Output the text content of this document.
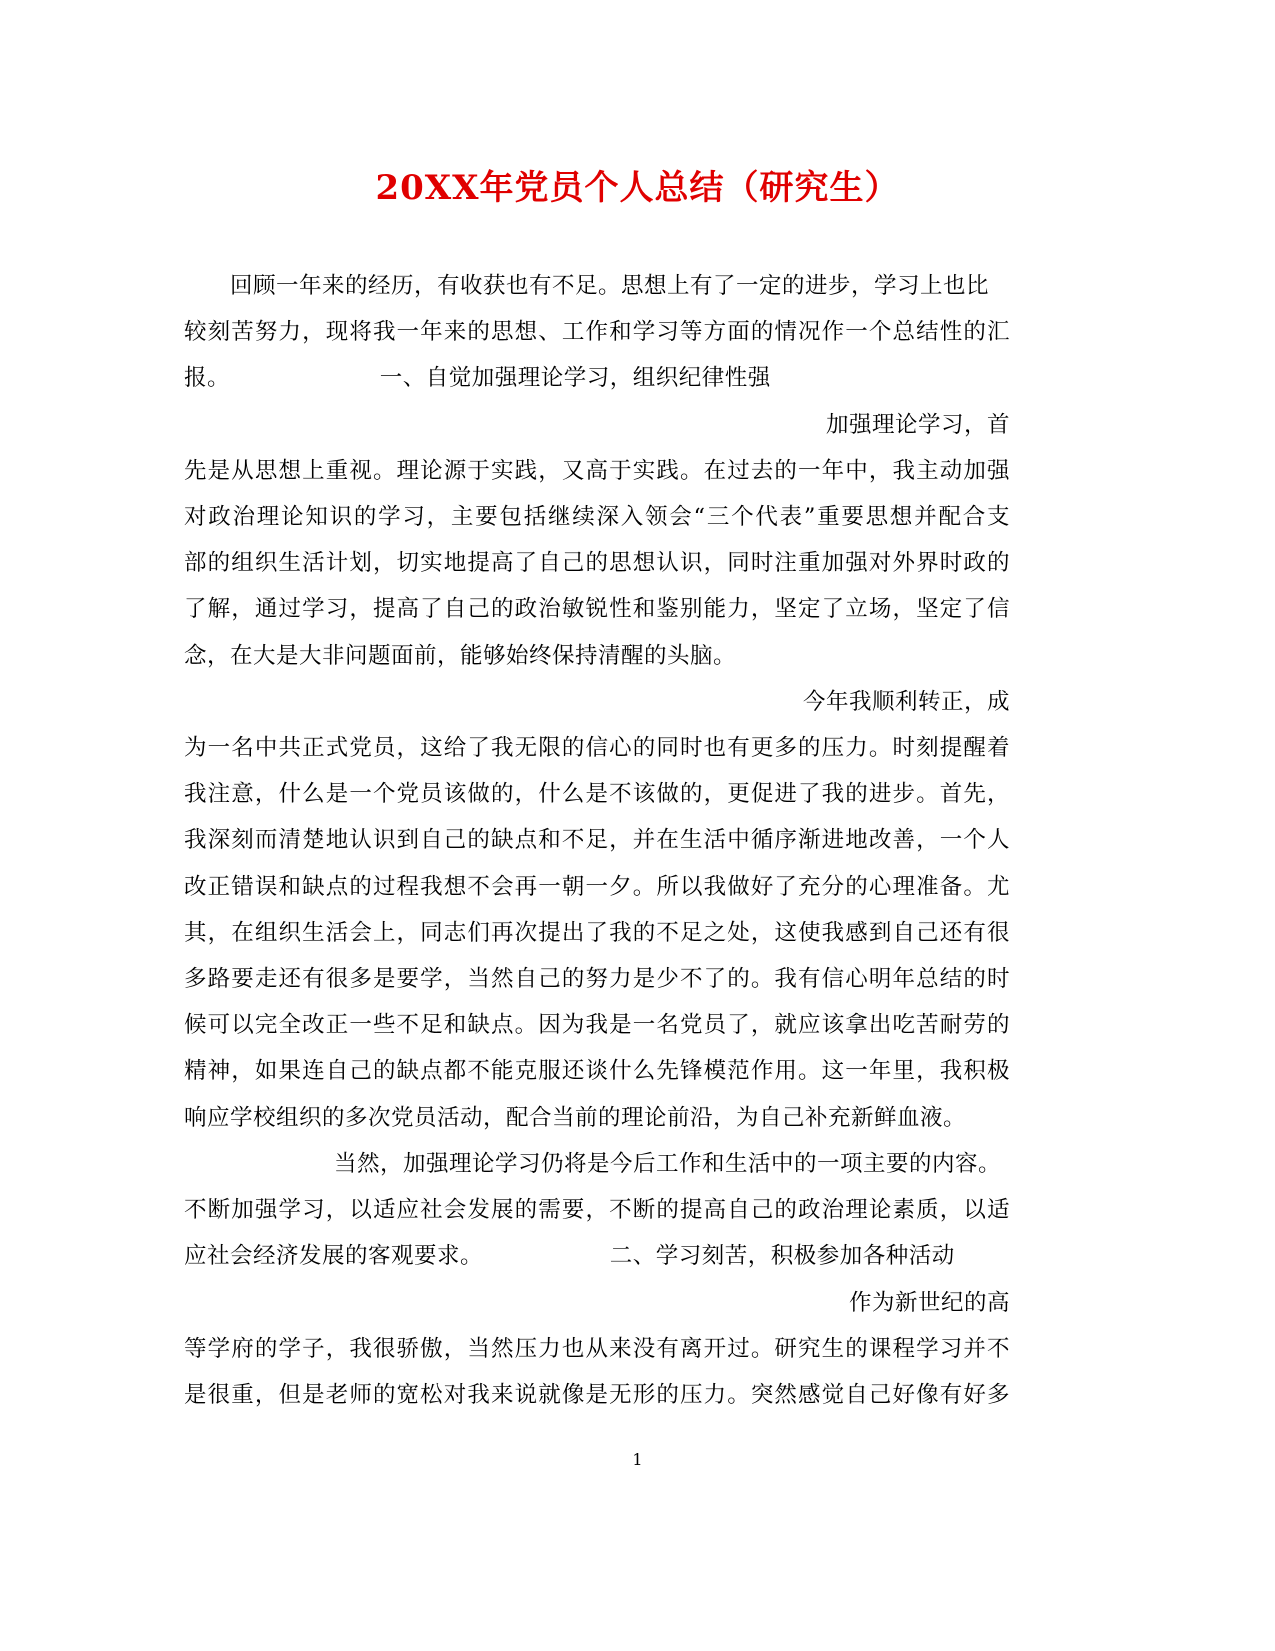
20XX年党员个人总结（研究生）
回顾一年来的经历，有收获也有不足。思想上有了一定的进步，学习上也比
较刻苦努力，现将我一年来的思想、工作和学习等方面的情况作一个总结性的汇
报。　　　　　　　一、自觉加强理论学习，组织纪律性强
加强理论学习，首
先是从思想上重视。理论源于实践，又高于实践。在过去的一年中，我主动加强
对政治理论知识的学习，主要包括继续深入领会“三个代表”重要思想并配合支
部的组织生活计划，切实地提高了自己的思想认识，同时注重加强对外界时政的
了解，通过学习，提高了自己的政治敏锐性和鉴别能力，坚定了立场，坚定了信
念，在大是大非问题面前，能够始终保持清醒的头脑。
今年我顺利转正，成
为一名中共正式党员，这给了我无限的信心的同时也有更多的压力。时刻提醒着
我注意，什么是一个党员该做的，什么是不该做的，更促进了我的进步。首先，
我深刻而清楚地认识到自己的缺点和不足，并在生活中循序渐进地改善，一个人
改正错误和缺点的过程我想不会再一朝一夕。所以我做好了充分的心理准备。尤
其，在组织生活会上，同志们再次提出了我的不足之处，这使我感到自己还有很
多路要走还有很多是要学，当然自己的努力是少不了的。我有信心明年总结的时
候可以完全改正一些不足和缺点。因为我是一名党员了，就应该拿出吃苦耐劳的
精神，如果连自己的缺点都不能克服还谈什么先锋模范作用。这一年里，我积极
响应学校组织的多次党员活动，配合当前的理论前沿，为自己补充新鲜血液。
当然，加强理论学习仍将是今后工作和生活中的一项主要的内容。
不断加强学习，以适应社会发展的需要，不断的提高自己的政治理论素质，以适
应社会经济发展的客观要求。　　　　　　二、学习刻苦，积极参加各种活动
作为新世纪的高
等学府的学子，我很骄傲，当然压力也从来没有离开过。研究生的课程学习并不
是很重，但是老师的宽松对我来说就像是无形的压力。突然感觉自己好像有好多
1
